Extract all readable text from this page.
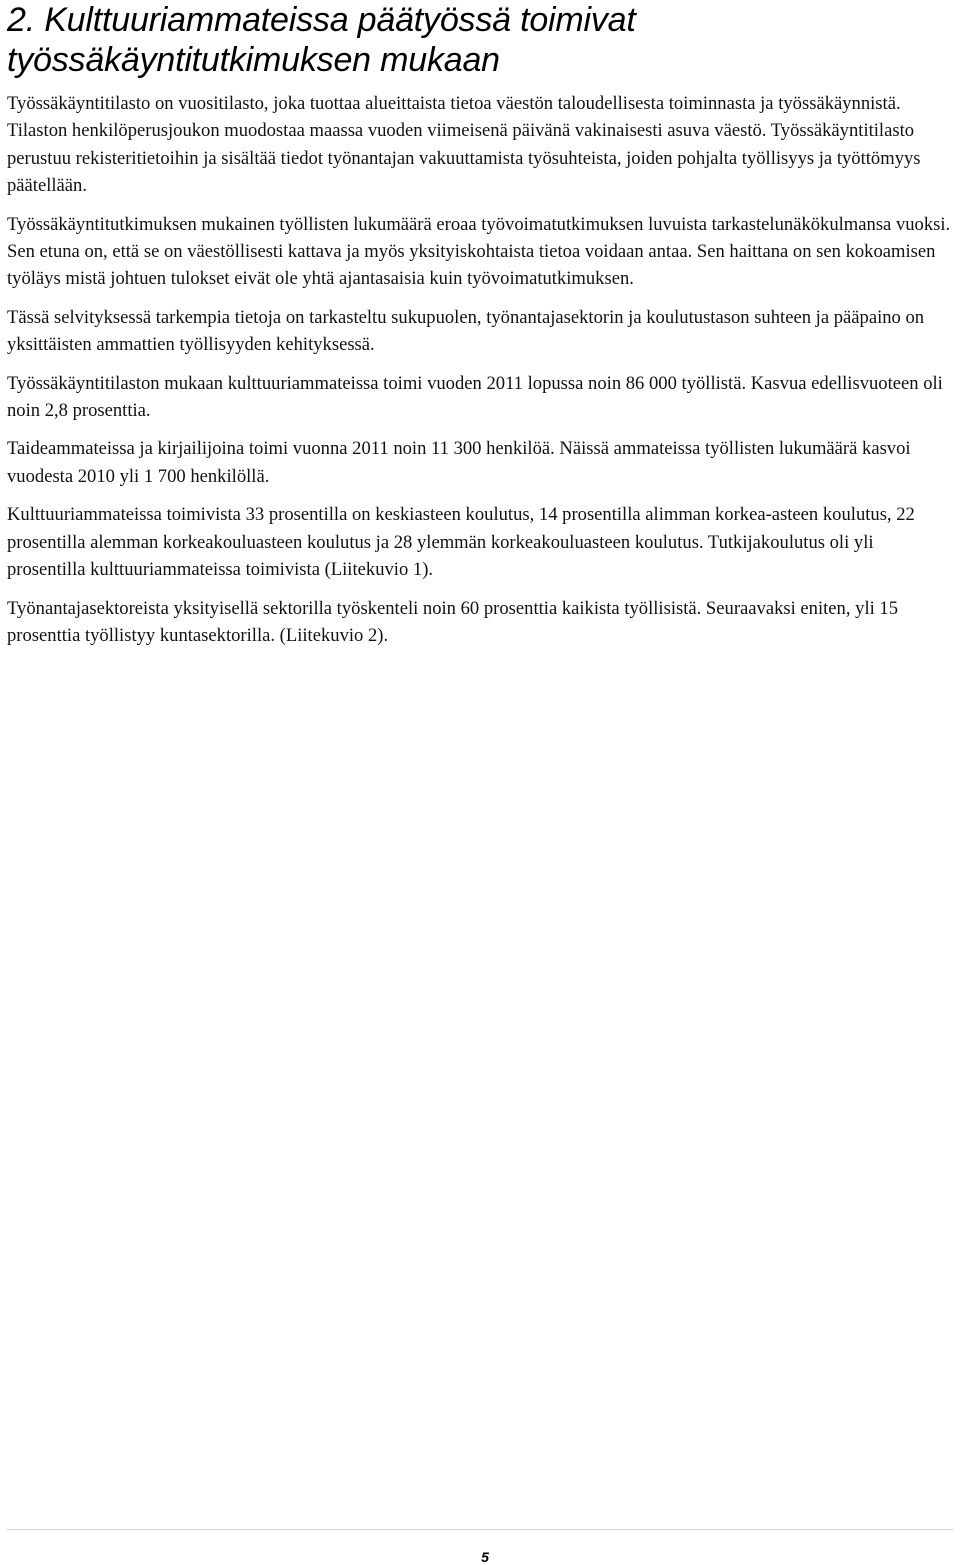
2. Kulttuuriammateissa päätyössä toimivat
työssäkäyntitutkimuksen mukaan

Työssäkäyntitilasto on vuositilasto, joka tuottaa alueittaista tietoa väestön taloudellisesta toiminnasta ja työssäkäynnistä. Tilaston henkilöperusjoukon muodostaa maassa vuoden viimeisenä päivänä vakinaisesti asuva väestö. Työssäkäyntitilasto perustuu rekisteritietoihin ja sisältää tiedot työnantajan vakuuttamista työsuhteista, joiden pohjalta työllisyys ja työttömyys päätellään.

Työssäkäyntitutkimuksen mukainen työllisten lukumäärä eroaa työvoimatutkimuksen luvuista tarkastelunäkökulmansa vuoksi. Sen etuna on, että se on väestöllisesti kattava ja myös yksityiskohtaista tietoa voidaan antaa. Sen haittana on sen kokoamisen työläys mistä johtuen tulokset eivät ole yhtä ajantasaisia kuin työvoimatutkimuksen.

Tässä selvityksessä tarkempia tietoja on tarkasteltu sukupuolen, työnantajasektorin ja koulutustason suhteen ja pääpaino on yksittäisten ammattien työllisyyden kehityksessä.

Työssäkäyntitilaston mukaan kulttuuriammateissa toimi vuoden 2011 lopussa noin 86 000 työllistä. Kasvua edellisvuoteen oli noin 2,8 prosenttia.

Taideammateissa ja kirjailijoina toimi vuonna 2011 noin 11 300 henkilöä. Näissä ammateissa työllisten lukumäärä kasvoi vuodesta 2010 yli 1 700 henkilöllä.

Kulttuuriammateissa toimivista 33 prosentilla on keskiasteen koulutus, 14 prosentilla alimman korkea-asteen koulutus, 22 prosentilla alemman korkeakouluasteen koulutus ja 28 ylemmän korkeakouluasteen koulutus. Tutkijakoulutus oli yli prosentilla kulttuuriammateissa toimivista (Liitekuvio 1).

Työnantajasektoreista yksityisellä sektorilla työskenteli noin 60 prosenttia kaikista työllisistä. Seuraavaksi eniten, yli 15 prosenttia työllistyy kuntasektorilla. (Liitekuvio 2).

5
